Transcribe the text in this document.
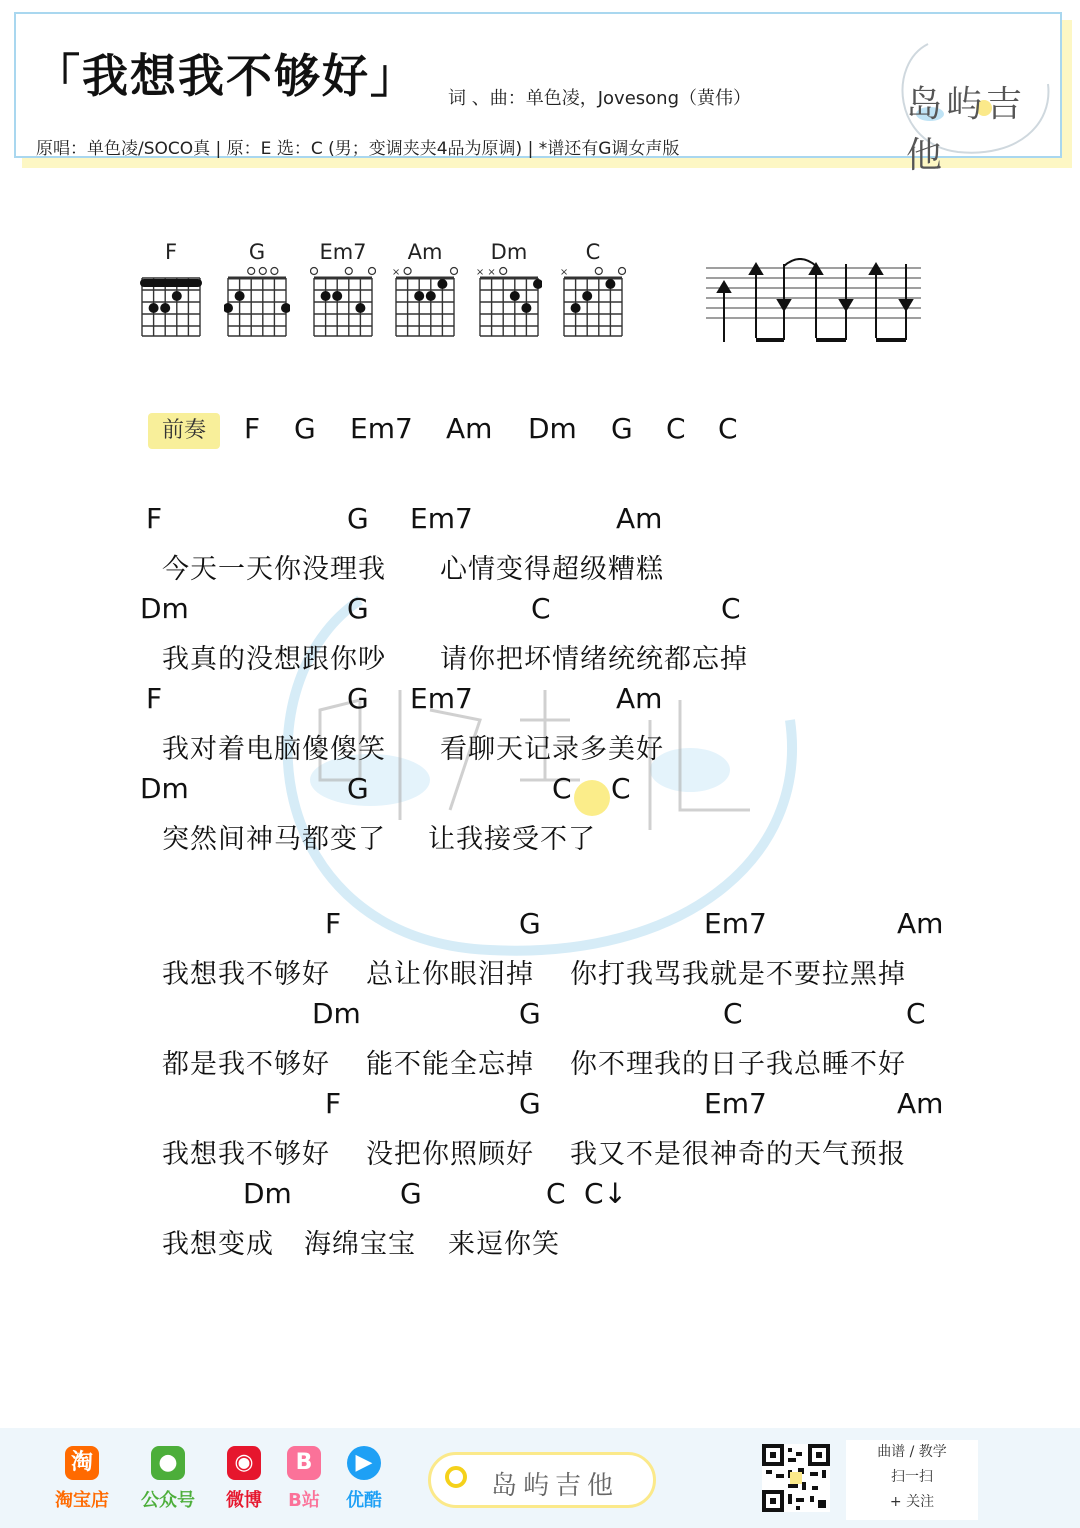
「我想我不够好」 词 、曲：单色凌，Jovesong（黄伟）
原唱：单色凌/SOCO真 | 原：E 选：C (男；变调夹夹4品为原调) | *谱还有G调女声版
岛屿吉他
F	G	Em7	Am
×
Dm
× ×
C
×
前奏	F G Em7 Am Dm G C C
F	G Em7	Am
今天一天你没理我 心情变得超级糟糕
Dm	G	C	C
我真的没想跟你吵 请你把坏情绪统统都忘掉
F	G Em7	Am
我对着电脑傻傻笑 看聊天记录多美好
Dm	G	C C
突然间神马都变了 让我接受不了
F	G	Em7	Am
我想我不够好 总让你眼泪掉 你打我骂我就是不要拉黑掉
Dm	G	C	C
都是我不够好 能不能全忘掉 你不理我的日子我总睡不好
F	G	Em7	Am
我想我不够好 没把你照顾好 我又不是很神奇的天气预报
Dm	G	C C↓
我想变成 海绵宝宝 来逗你笑
淘
淘宝店
●
公众号
◉
微博
B
B站
▶
优酷	岛屿吉他
曲谱 / 教学
扫一扫
+ 关注
